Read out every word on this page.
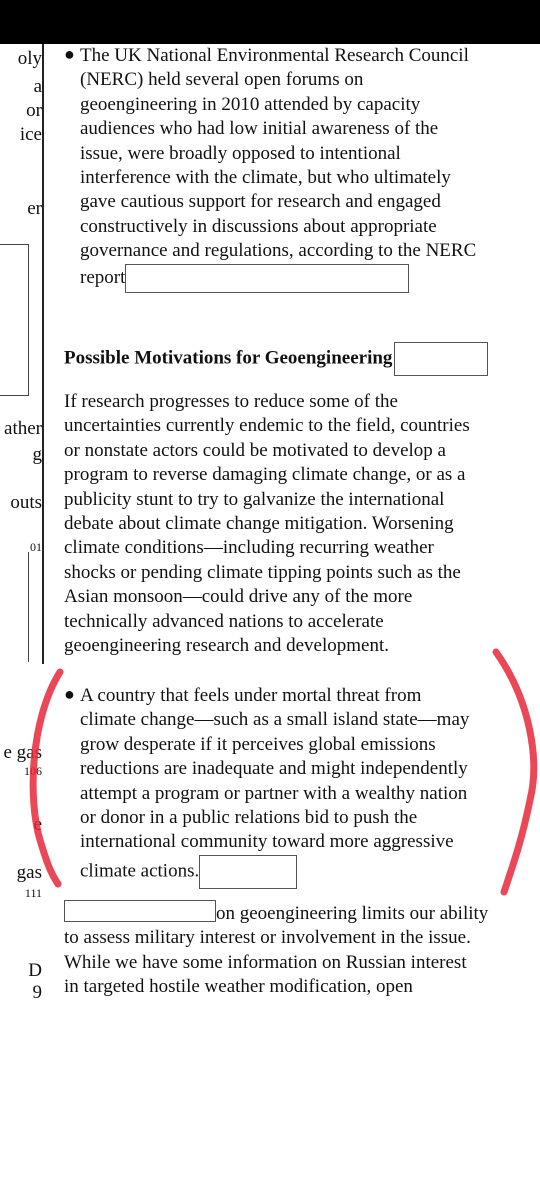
oly
a
or
ice
er
ather
g
outs
01
e gas
106
e
gas
111
D
9
● The UK National Environmental Research Council
(NERC) held several open forums on
geoengineering in 2010 attended by capacity
audiences who had low initial awareness of the
issue, were broadly opposed to intentional
interference with the climate, but who ultimately
gave cautious support for research and engaged
constructively in discussions about appropriate
governance and regulations, according to the NERC
report
Possible Motivations for Geoengineering
If research progresses to reduce some of the
uncertainties currently endemic to the field, countries
or nonstate actors could be motivated to develop a
program to reverse damaging climate change, or as a
publicity stunt to try to galvanize the international
debate about climate change mitigation. Worsening
climate conditions—including recurring weather
shocks or pending climate tipping points such as the
Asian monsoon—could drive any of the more
technically advanced nations to accelerate
geoengineering research and development.
● A country that feels under mortal threat from
climate change—such as a small island state—may
grow desperate if it perceives global emissions
reductions are inadequate and might independently
attempt a program or partner with a wealthy nation
or donor in a public relations bid to push the
international community toward more aggressive
climate actions.
on geoengineering limits our ability
to assess military interest or involvement in the issue.
While we have some information on Russian interest
in targeted hostile weather modification, open
